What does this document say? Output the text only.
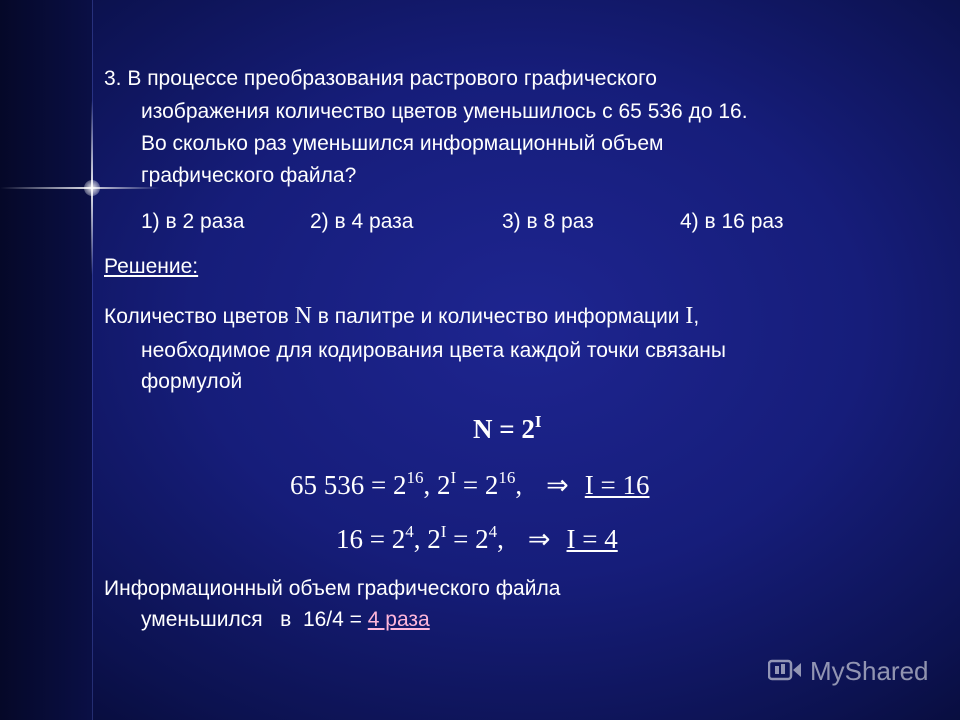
3. В процессе преобразования растрового графического
изображения количество цветов уменьшилось с 65 536 до 16.
Во сколько раз уменьшился информационный объем
графического файла?
1) в 2 раза	2) в 4 раза	3) в 8 раз	4) в 16 раз
Решение:
Количество цветов N в палитре и количество информации I,
необходимое для кодирования цвета каждой точки связаны
формулой
$N = 2^I$
65 $536 = 2^{16}$, $2^I = 2^{16}$, ⇒ I = 16
$16 = 2^4$, $2^I = 2^4$, ⇒ I = 4
Информационный объем графического файла
уменьшился   в  16/4 = 4 раза
MyShared
